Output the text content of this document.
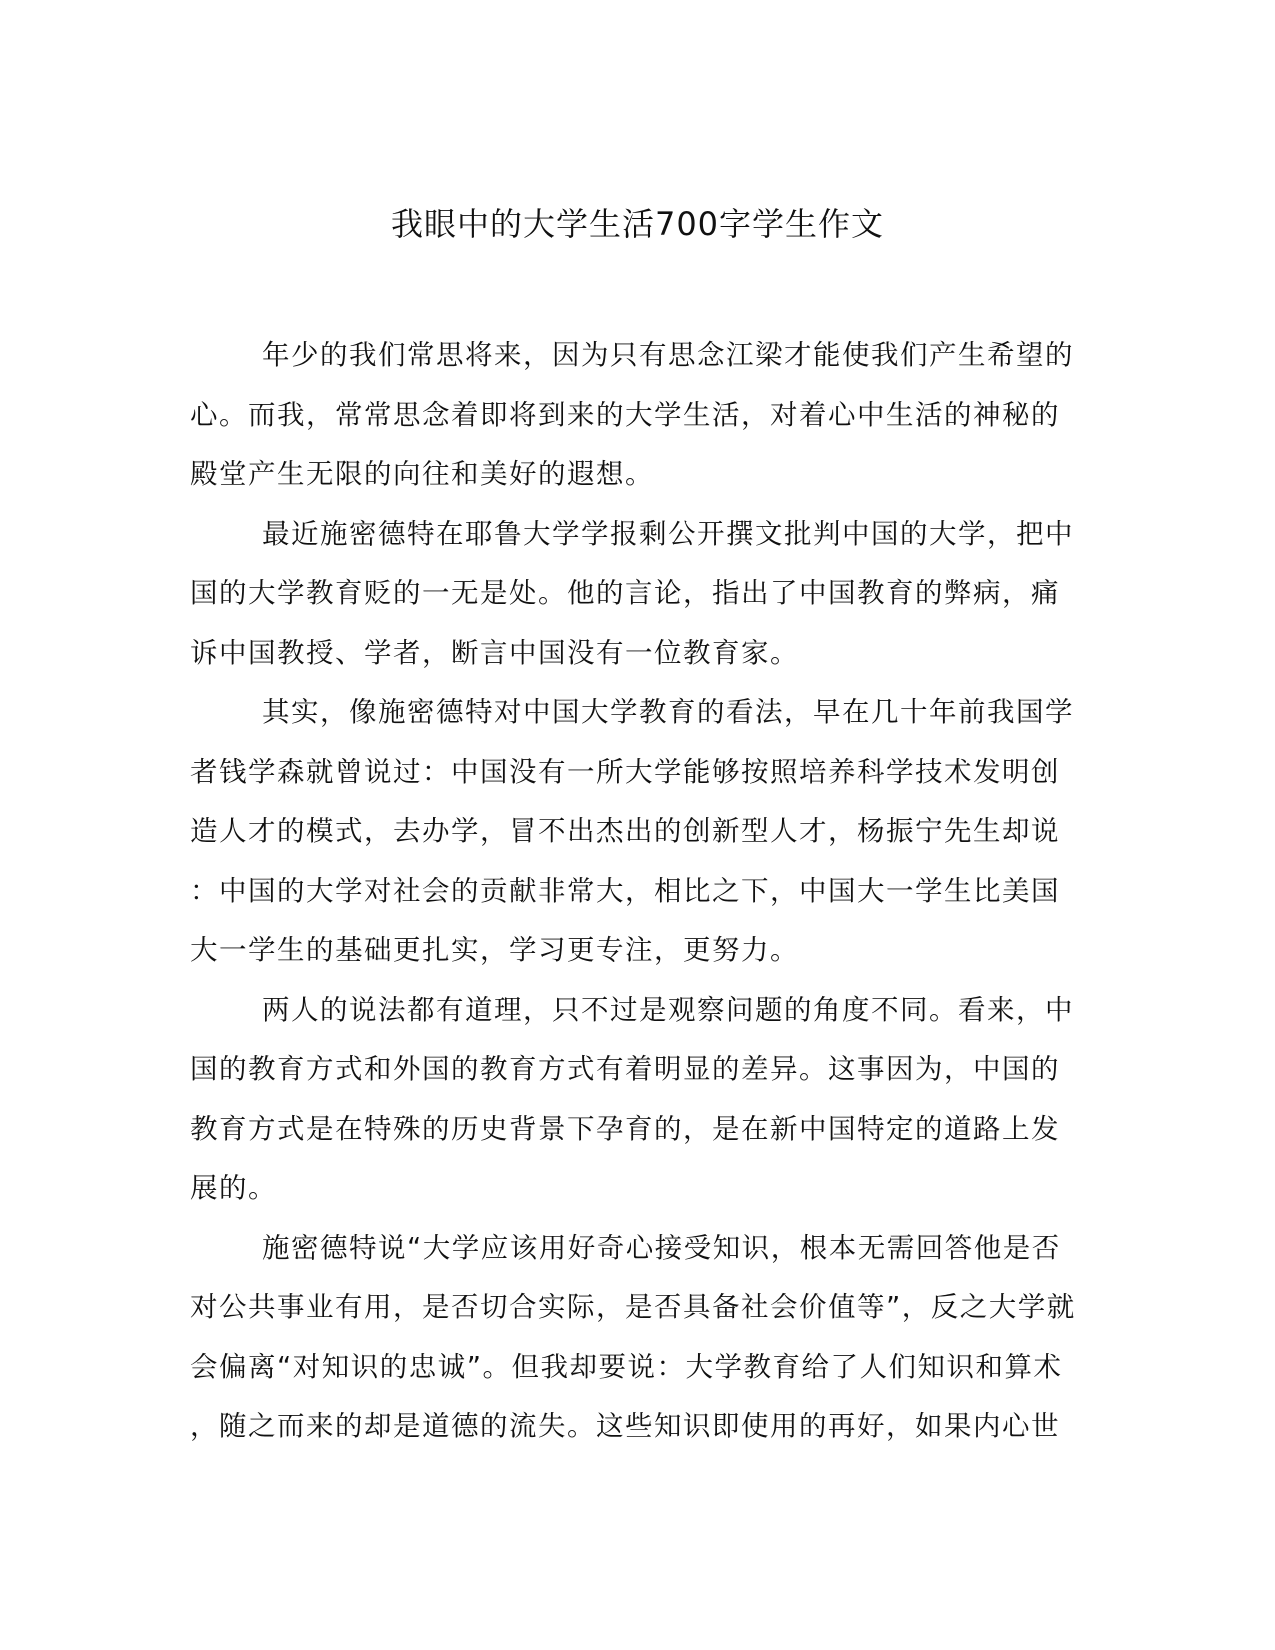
我眼中的大学生活700字学生作文
年少的我们常思将来，因为只有思念江梁才能使我们产生希望的
心。而我，常常思念着即将到来的大学生活，对着心中生活的神秘的
殿堂产生无限的向往和美好的遐想。
最近施密德特在耶鲁大学学报剩公开撰文批判中国的大学，把中
国的大学教育贬的一无是处。他的言论，指出了中国教育的弊病，痛
诉中国教授、学者，断言中国没有一位教育家。
其实，像施密德特对中国大学教育的看法，早在几十年前我国学
者钱学森就曾说过：中国没有一所大学能够按照培养科学技术发明创
造人才的模式，去办学，冒不出杰出的创新型人才，杨振宁先生却说
：中国的大学对社会的贡献非常大，相比之下，中国大一学生比美国
大一学生的基础更扎实，学习更专注，更努力。
两人的说法都有道理，只不过是观察问题的角度不同。看来，中
国的教育方式和外国的教育方式有着明显的差异。这事因为，中国的
教育方式是在特殊的历史背景下孕育的，是在新中国特定的道路上发
展的。
施密德特说“大学应该用好奇心接受知识，根本无需回答他是否
对公共事业有用，是否切合实际，是否具备社会价值等”，反之大学就
会偏离“对知识的忠诚”。但我却要说：大学教育给了人们知识和算术
，随之而来的却是道德的流失。这些知识即使用的再好，如果内心世
